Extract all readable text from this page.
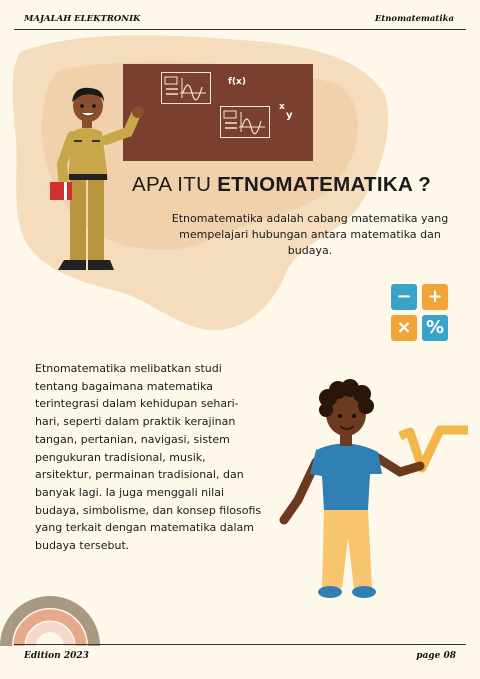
MAJALAH ELEKTRONIK	Etnomatematika
f(x)
x
y
APA ITU ETNOMATEMATIKA ?
Etnomatematika adalah cabang matematika yang mempelajari hubungan antara matematika dan budaya.
− +
× %
Etnomatematika melibatkan studi
tentang bagaimana matematika
terintegrasi dalam kehidupan sehari-
hari, seperti dalam praktik kerajinan
tangan, pertanian, navigasi, sistem
pengukuran tradisional, musik,
arsitektur, permainan tradisional, dan
banyak lagi. Ia juga menggali nilai
budaya, simbolisme, dan konsep filosofis
yang terkait dengan matematika dalam
budaya tersebut.
Edition 2023	page 08
